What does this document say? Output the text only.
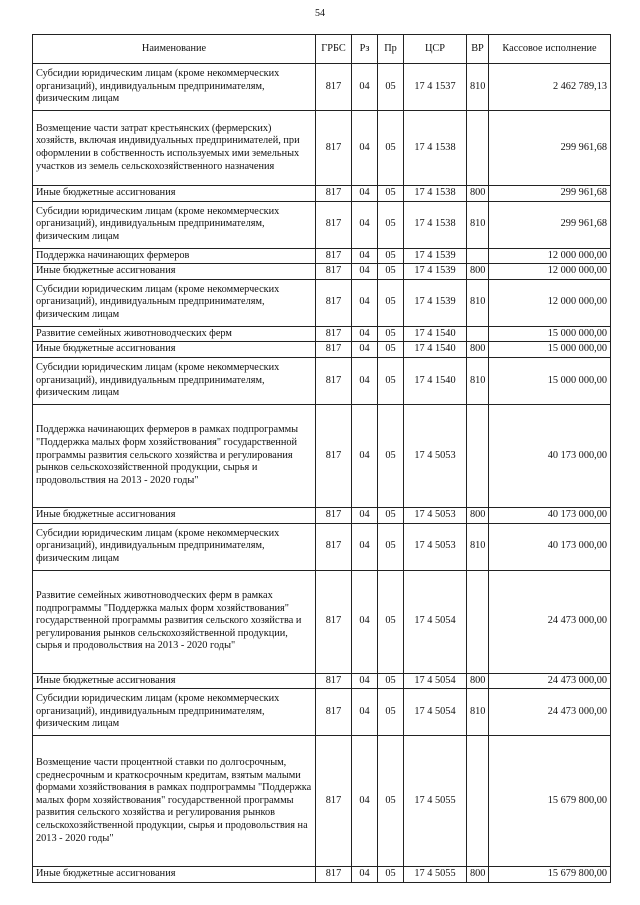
54
Наименование	ГРБС	Рз	Пр	ЦСР	ВР	Кассовое исполнение
Субсидии юридическим лицам (кроме некоммерческих организаций), индивидуальным предпринимателям, физическим лицам	817	04	05	17 4 1537	810	2 462 789,13
Возмещение части затрат крестьянских (фермерских) хозяйств, включая индивидуальных предпринимателей, при оформлении в собственность используемых ими земельных участков из земель сельскохозяйственного назначения	817	04	05	17 4 1538		299 961,68
Иные бюджетные ассигнования	817	04	05	17 4 1538	800	299 961,68
Субсидии юридическим лицам (кроме некоммерческих организаций), индивидуальным предпринимателям, физическим лицам	817	04	05	17 4 1538	810	299 961,68
Поддержка начинающих фермеров	817	04	05	17 4 1539		12 000 000,00
Иные бюджетные ассигнования	817	04	05	17 4 1539	800	12 000 000,00
Субсидии юридическим лицам (кроме некоммерческих организаций), индивидуальным предпринимателям, физическим лицам	817	04	05	17 4 1539	810	12 000 000,00
Развитие семейных животноводческих ферм	817	04	05	17 4 1540		15 000 000,00
Иные бюджетные ассигнования	817	04	05	17 4 1540	800	15 000 000,00
Субсидии юридическим лицам (кроме некоммерческих организаций), индивидуальным предпринимателям, физическим лицам	817	04	05	17 4 1540	810	15 000 000,00
Поддержка начинающих фермеров в рамках подпрограммы "Поддержка малых форм хозяйствования" государственной программы развития сельского хозяйства и регулирования рынков сельскохозяйственной продукции, сырья и продовольствия на 2013 - 2020 годы"	817	04	05	17 4 5053		40 173 000,00
Иные бюджетные ассигнования	817	04	05	17 4 5053	800	40 173 000,00
Субсидии юридическим лицам (кроме некоммерческих организаций), индивидуальным предпринимателям, физическим лицам	817	04	05	17 4 5053	810	40 173 000,00
Развитие семейных животноводческих ферм в рамках подпрограммы "Поддержка малых форм хозяйствования" государственной программы развития сельского хозяйства и регулирования рынков сельскохозяйственной продукции, сырья и продовольствия на 2013 - 2020 годы"	817	04	05	17 4 5054		24 473 000,00
Иные бюджетные ассигнования	817	04	05	17 4 5054	800	24 473 000,00
Субсидии юридическим лицам (кроме некоммерческих организаций), индивидуальным предпринимателям, физическим лицам	817	04	05	17 4 5054	810	24 473 000,00
Возмещение части процентной ставки по долгосрочным, среднесрочным и краткосрочным кредитам, взятым малыми формами хозяйствования в рамках подпрограммы "Поддержка малых форм хозяйствования" государственной программы развития сельского хозяйства и регулирования рынков сельскохозяйственной продукции, сырья и продовольствия на 2013 - 2020 годы"	817	04	05	17 4 5055		15 679 800,00
Иные бюджетные ассигнования	817	04	05	17 4 5055	800	15 679 800,00
